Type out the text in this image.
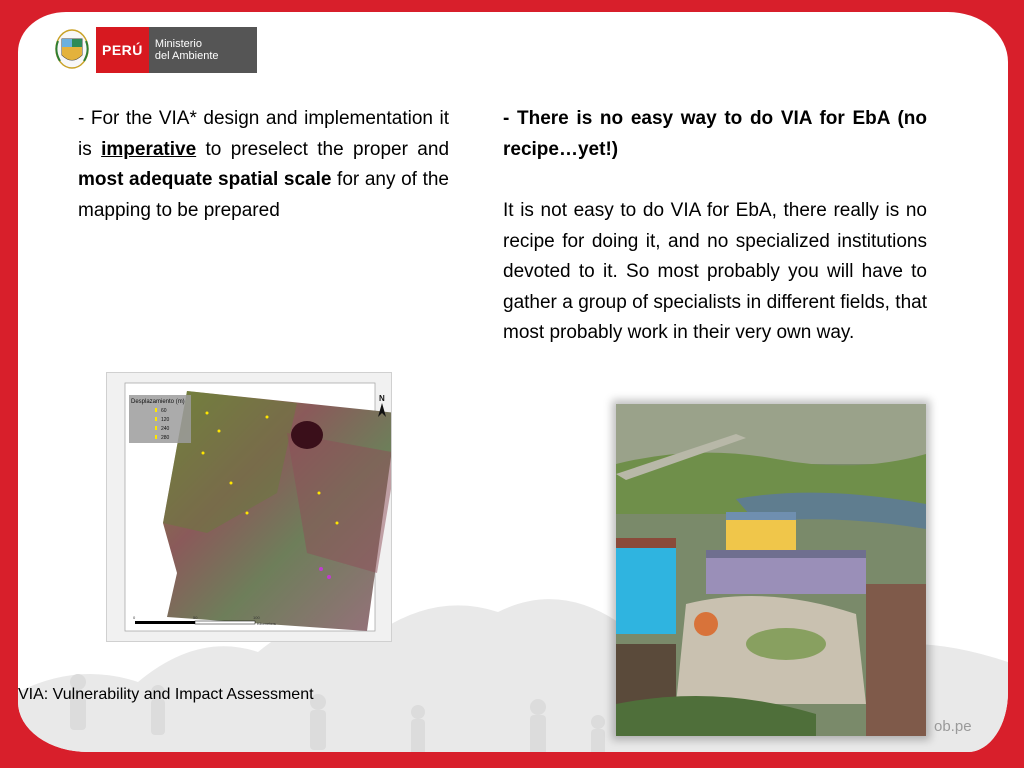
PERÚ	Ministerio
del Ambiente
- For the VIA* design and implementation it is imperative to preselect the proper and most adequate spatial scale for any of the mapping to be prepared
- There is no easy way to do VIA for EbA (no recipe…yet!)
It is not easy to do VIA for EbA, there really is no recipe for doing it, and no specialized institutions devoted to it. So most probably you will have to gather a group of specialists in different fields, that most probably work in their very own way.
Desplazamiento (m)
60
120
240
280
N
0	50	100
Kilometers
VIA: Vulnerability and Impact Assessment
ob.pe
